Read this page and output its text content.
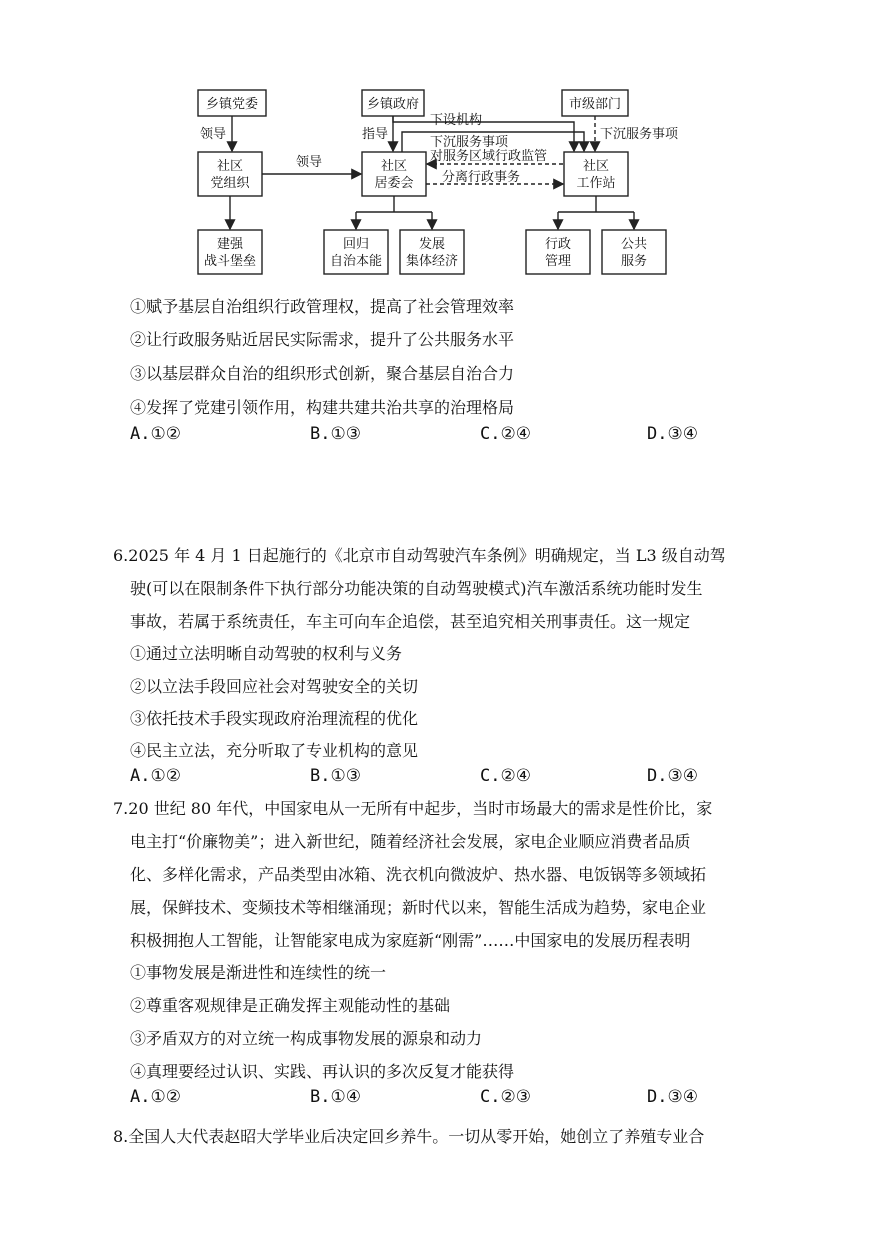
乡镇党委	乡镇政府	市级部门
社区
党组织
社区
居委会
社区
工作站
建强
战斗堡垒
回归
自治本能
发展
集体经济
行政
管理
公共
服务
领导	指导
领导
下设机构
下沉服务事项
对服务区域行政监管
分离行政事务
下沉服务事项
①赋予基层自治组织行政管理权，提高了社会管理效率
②让行政服务贴近居民实际需求，提升了公共服务水平
③以基层群众自治的组织形式创新，聚合基层自治合力
④发挥了党建引领作用，构建共建共治共享的治理格局
A.①②	B.①③	C.②④	D.③④
6.2025 年 4 月 1 日起施行的《北京市自动驾驶汽车条例》明确规定，当 L3 级自动驾
驶(可以在限制条件下执行部分功能决策的自动驾驶模式)汽车激活系统功能时发生
事故，若属于系统责任，车主可向车企追偿，甚至追究相关刑事责任。这一规定
①通过立法明晰自动驾驶的权利与义务
②以立法手段回应社会对驾驶安全的关切
③依托技术手段实现政府治理流程的优化
④民主立法，充分听取了专业机构的意见
A.①②	B.①③	C.②④	D.③④
7.20 世纪 80 年代，中国家电从一无所有中起步，当时市场最大的需求是性价比，家
电主打“价廉物美”；进入新世纪，随着经济社会发展，家电企业顺应消费者品质
化、多样化需求，产品类型由冰箱、洗衣机向微波炉、热水器、电饭锅等多领域拓
展，保鲜技术、变频技术等相继涌现；新时代以来，智能生活成为趋势，家电企业
积极拥抱人工智能，让智能家电成为家庭新“刚需”……中国家电的发展历程表明
①事物发展是渐进性和连续性的统一
②尊重客观规律是正确发挥主观能动性的基础
③矛盾双方的对立统一构成事物发展的源泉和动力
④真理要经过认识、实践、再认识的多次反复才能获得
A.①②	B.①④	C.②③	D.③④
8.全国人大代表赵昭大学毕业后决定回乡养牛。一切从零开始，她创立了养殖专业合
